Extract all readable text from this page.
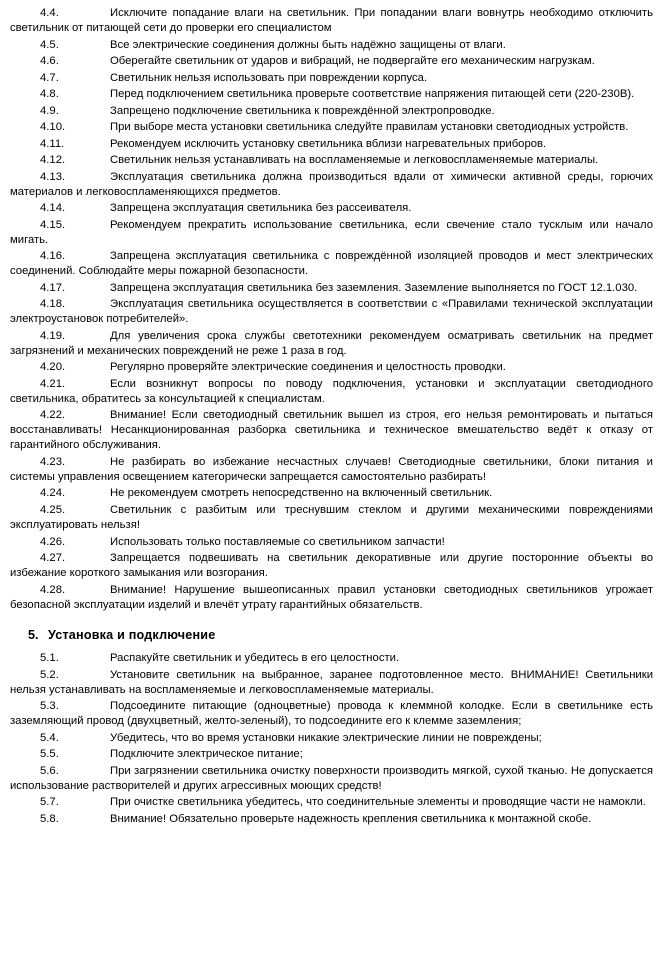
4.4.	Исключите попадание влаги на светильник. При попадании влаги вовнутрь необходимо отключить светильник от питающей сети до проверки его специалистом
4.5.	Все электрические соединения должны быть надёжно защищены от влаги.
4.6.	Оберегайте светильник от ударов и вибраций, не подвергайте его механическим нагрузкам.
4.7.	Светильник нельзя использовать при повреждении корпуса.
4.8.	Перед подключением светильника проверьте соответствие напряжения питающей сети (220-230В).
4.9.	Запрещено подключение светильника к повреждённой электропроводке.
4.10.	При выборе места установки светильника следуйте правилам установки светодиодных устройств.
4.11.	Рекомендуем исключить установку светильника вблизи нагревательных приборов.
4.12.	Светильник нельзя устанавливать на воспламеняемые и легковоспламеняемые материалы.
4.13.	Эксплуатация светильника должна производиться вдали от химически активной среды, горючих материалов и легковоспламеняющихся предметов.
4.14.	Запрещена эксплуатация светильника без рассеивателя.
4.15.	Рекомендуем прекратить использование светильника, если свечение стало тусклым или начало мигать.
4.16.	Запрещена эксплуатация светильника с повреждённой изоляцией проводов и мест электрических соединений. Соблюдайте меры пожарной безопасности.
4.17.	Запрещена эксплуатация светильника без заземления. Заземление выполняется по ГОСТ 12.1.030.
4.18.	Эксплуатация светильника осуществляется в соответствии с «Правилами технической эксплуатации электроустановок потребителей».
4.19.	Для увеличения срока службы светотехники рекомендуем осматривать светильник на предмет загрязнений и механических повреждений не реже 1 раза в год.
4.20.	Регулярно проверяйте электрические соединения и целостность проводки.
4.21.	Если возникнут вопросы по поводу подключения, установки и эксплуатации светодиодного светильника, обратитесь за консультацией к специалистам.
4.22.	Внимание! Если светодиодный светильник вышел из строя, его нельзя ремонтировать и пытаться восстанавливать! Несанкционированная разборка светильника и техническое вмешательство ведёт к отказу от гарантийного обслуживания.
4.23.	Не разбирать во избежание несчастных случаев! Светодиодные светильники, блоки питания и системы управления освещением категорически запрещается самостоятельно разбирать!
4.24.	Не рекомендуем смотреть непосредственно на включенный светильник.
4.25.	Светильник с разбитым или треснувшим стеклом и другими механическими повреждениями эксплуатировать нельзя!
4.26.	Использовать только поставляемые со светильником запчасти!
4.27.	Запрещается подвешивать на светильник декоративные или другие посторонние объекты во избежание короткого замыкания или возгорания.
4.28.	Внимание! Нарушение вышеописанных правил установки светодиодных светильников угрожает безопасной эксплуатации изделий и влечёт утрату гарантийных обязательств.
5. Установка и подключение
5.1.	Распакуйте светильник и убедитесь в его целостности.
5.2.	Установите светильник на выбранное, заранее подготовленное место. ВНИМАНИЕ! Светильники нельзя устанавливать на воспламеняемые и легковоспламеняемые материалы.
5.3.	Подсоедините питающие (одноцветные) провода к клеммной колодке. Если в светильнике есть заземляющий провод (двухцветный, желто-зеленый), то подсоедините его к клемме заземления;
5.4.	Убедитесь, что во время установки никакие электрические линии не повреждены;
5.5.	Подключите электрическое питание;
5.6.	При загрязнении светильника очистку поверхности производить мягкой, сухой тканью. Не допускается использование растворителей и других агрессивных моющих средств!
5.7.	При очистке светильника убедитесь, что соединительные элементы и проводящие части не намокли.
5.8.	Внимание! Обязательно проверьте надежность крепления светильника к монтажной скобе.
